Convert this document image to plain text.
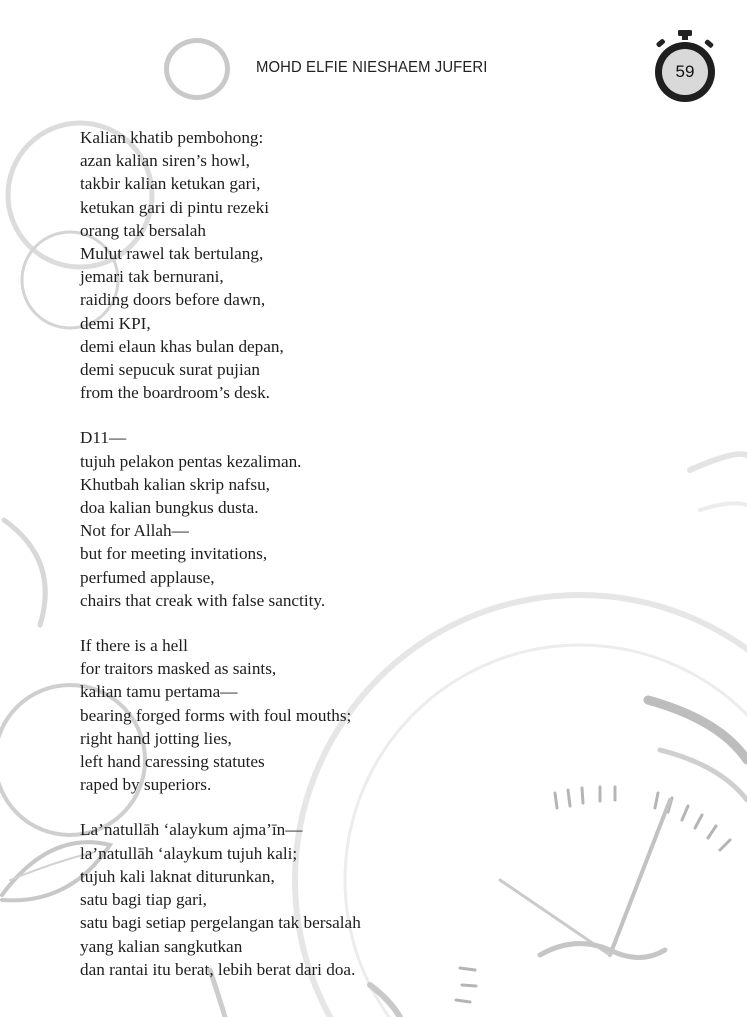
MOHD ELFIE NIESHAEM JUFERI	59
Kalian khatib pembohong:
azan kalian siren’s howl,
takbir kalian ketukan gari,
ketukan gari di pintu rezeki
orang tak bersalah
Mulut rawel tak bertulang,
jemari tak bernurani,
raiding doors before dawn,
demi KPI,
demi elaun khas bulan depan,
demi sepucuk surat pujian
from the boardroom’s desk.
D11—
tujuh pelakon pentas kezaliman.
Khutbah kalian skrip nafsu,
doa kalian bungkus dusta.
Not for Allah—
but for meeting invitations,
perfumed applause,
chairs that creak with false sanctity.
If there is a hell
for traitors masked as saints,
kalian tamu pertama—
bearing forged forms with foul mouths;
right hand jotting lies,
left hand caressing statutes
raped by superiors.
La’natullāh ‘alaykum ajma’īn—
la’natullāh ‘alaykum tujuh kali;
tujuh kali laknat diturunkan,
satu bagi tiap gari,
satu bagi setiap pergelangan tak bersalah
yang kalian sangkutkan
dan rantai itu berat, lebih berat dari doa.
